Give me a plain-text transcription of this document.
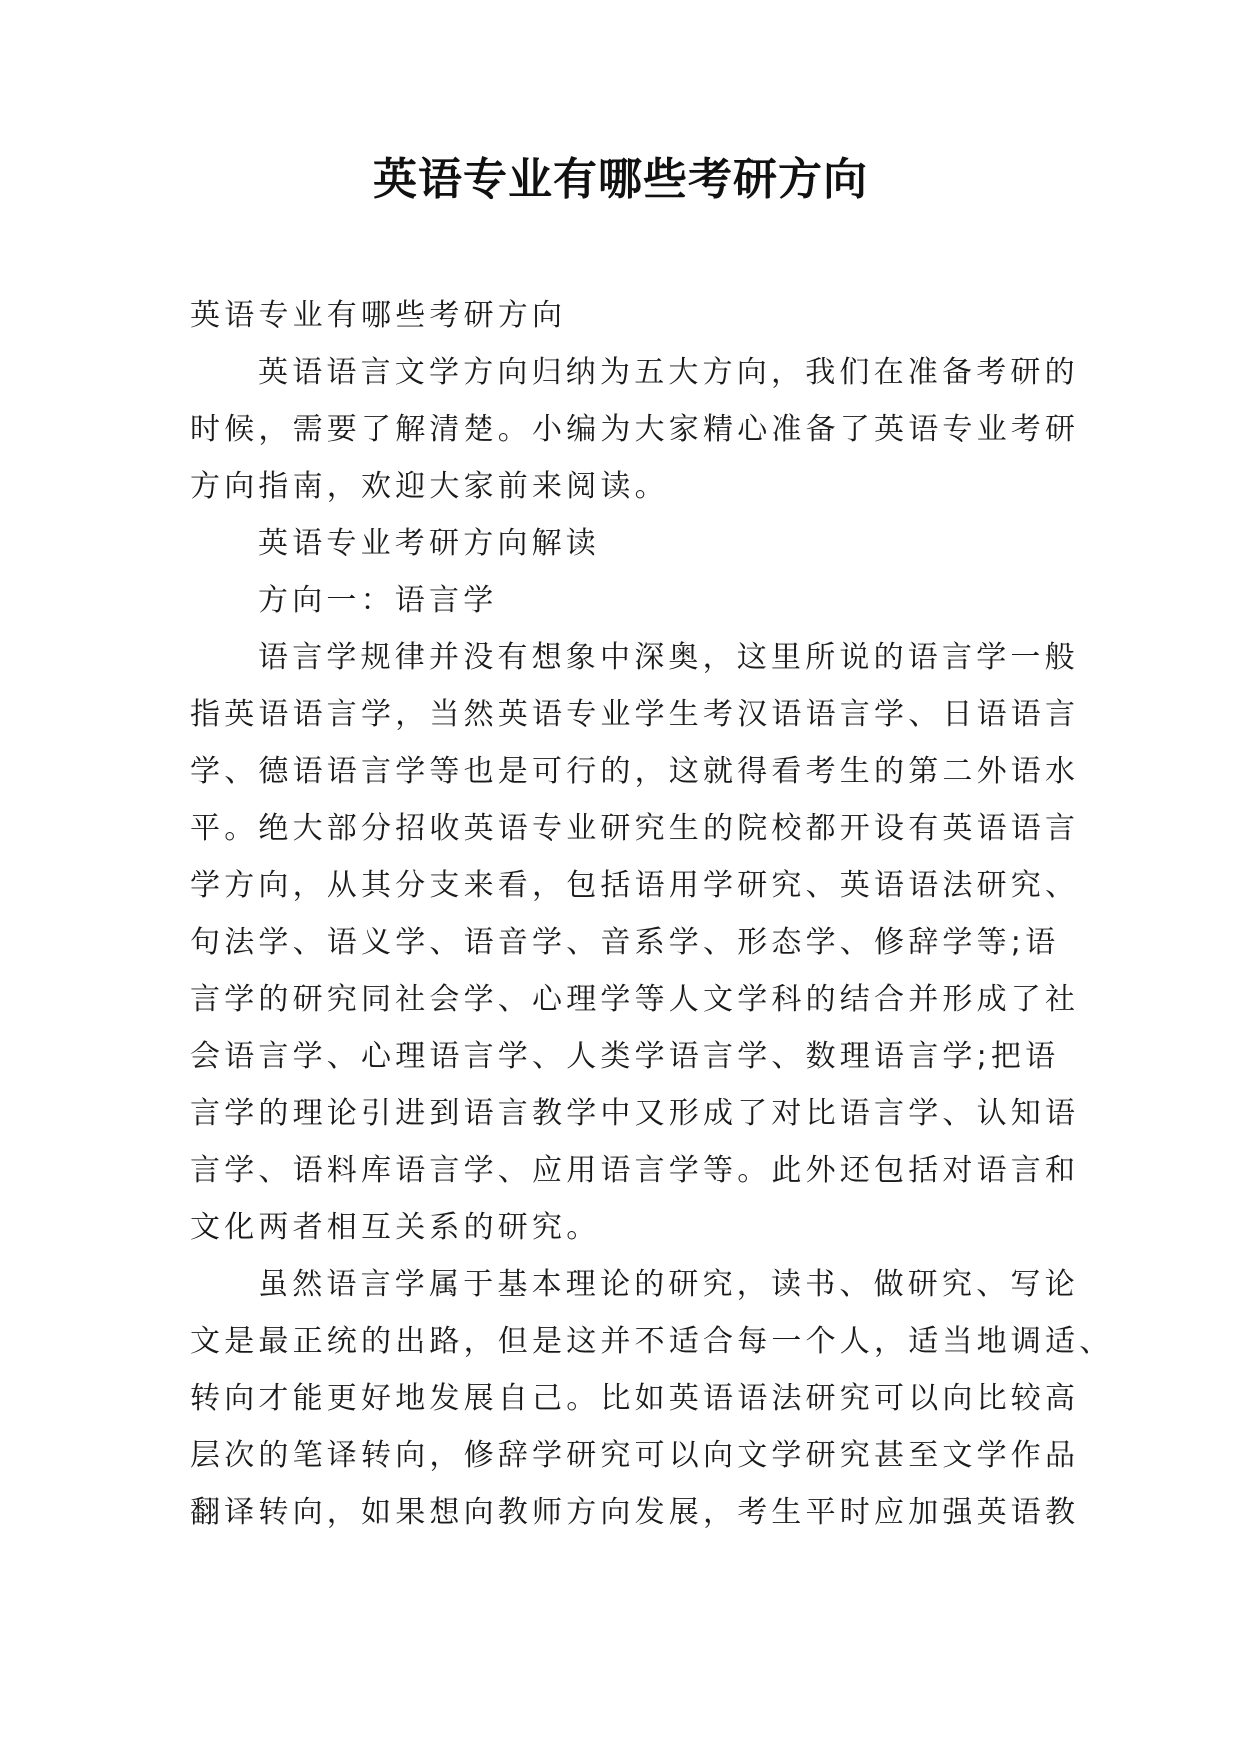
英语专业有哪些考研方向
英语专业有哪些考研方向
英语语言文学方向归纳为五大方向，我们在准备考研的
时候，需要了解清楚。小编为大家精心准备了英语专业考研
方向指南，欢迎大家前来阅读。
英语专业考研方向解读
方向一：语言学
语言学规律并没有想象中深奥，这里所说的语言学一般
指英语语言学，当然英语专业学生考汉语语言学、日语语言
学、德语语言学等也是可行的，这就得看考生的第二外语水
平。绝大部分招收英语专业研究生的院校都开设有英语语言
学方向，从其分支来看，包括语用学研究、英语语法研究、
句法学、语义学、语音学、音系学、形态学、修辞学等;语
言学的研究同社会学、心理学等人文学科的结合并形成了社
会语言学、心理语言学、人类学语言学、数理语言学;把语
言学的理论引进到语言教学中又形成了对比语言学、认知语
言学、语料库语言学、应用语言学等。此外还包括对语言和
文化两者相互关系的研究。
虽然语言学属于基本理论的研究，读书、做研究、写论
文是最正统的出路，但是这并不适合每一个人，适当地调适、
转向才能更好地发展自己。比如英语语法研究可以向比较高
层次的笔译转向，修辞学研究可以向文学研究甚至文学作品
翻译转向，如果想向教师方向发展，考生平时应加强英语教
